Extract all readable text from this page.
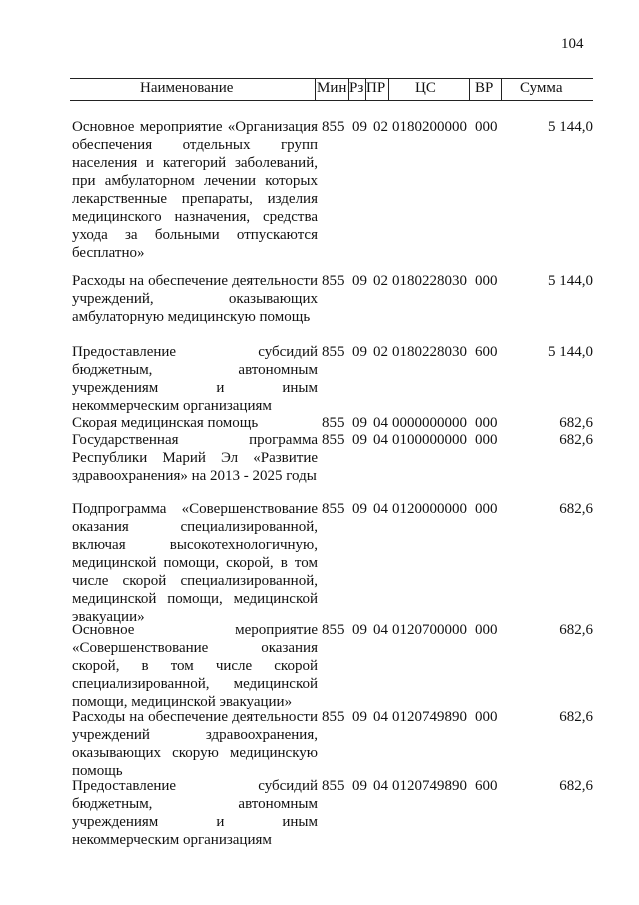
104
Наименование	Мин Рз ПР ЦС	ВР Сумма
Основное мероприятие «Организация обеспечения отдельных групп населения и категорий заболеваний, при амбулаторном лечении которых лекарственные препараты, изделия медицинского назначения, средства ухода за больными отпускаются бесплатно»
855 09 02 0180200000 000	5 144,0
Расходы на обеспечение деятельности учреждений, оказывающих амбулаторную медицинскую помощь
855 09 02 0180228030 000	5 144,0
Предоставление субсидий бюджетным, автономным учреждениям и иным некоммерческим организациям
855 09 02 0180228030 600	5 144,0
Скорая медицинская помощь	855 09 04 0000000000 000	682,6
Государственная программа Республики Марий Эл «Развитие здравоохранения» на 2013 - 2025 годы
855 09 04 0100000000 000	682,6
Подпрограмма «Совершенствование оказания специализированной, включая высокотехнологичную, медицинской помощи, скорой, в том числе скорой специализированной, медицинской помощи, медицинской эвакуации»
855 09 04 0120000000 000	682,6
Основное мероприятие «Совершенствование оказания скорой, в том числе скорой специализированной, медицинской помощи, медицинской эвакуации»
855 09 04 0120700000 000	682,6
Расходы на обеспечение деятельности учреждений здравоохранения, оказывающих скорую медицинскую помощь
855 09 04 0120749890 000	682,6
Предоставление субсидий бюджетным, автономным учреждениям и иным некоммерческим организациям
855 09 04 0120749890 600	682,6
